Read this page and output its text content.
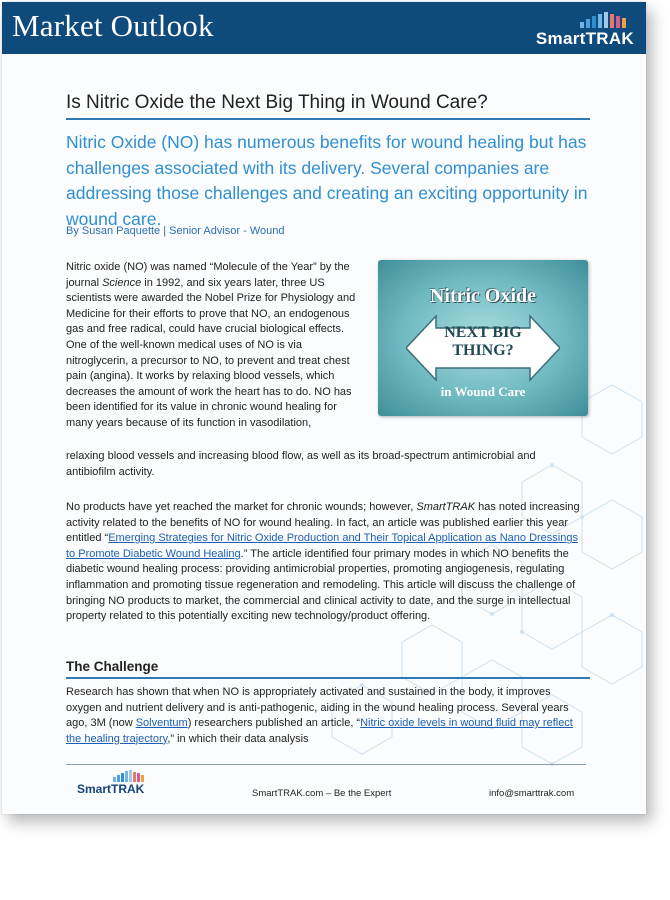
Market Outlook	SmartTRAK
Is Nitric Oxide the Next Big Thing in Wound Care?
Nitric Oxide (NO) has numerous benefits for wound healing but has challenges associated with its delivery. Several companies are addressing those challenges and creating an exciting opportunity in wound care.
By Susan Paquette | Senior Advisor - Wound
Nitric oxide (NO) was named “Molecule of the Year” by the journal Science in 1992, and six years later, three US scientists were awarded the Nobel Prize for Physiology and Medicine for their efforts to prove that NO, an endogenous gas and free radical, could have crucial biological effects. One of the well-known medical uses of NO is via nitroglycerin, a precursor to NO, to prevent and treat chest pain (angina). It works by relaxing blood vessels, which decreases the amount of work the heart has to do. NO has been identified for its value in chronic wound healing for many years because of its function in vasodilation,
relaxing blood vessels and increasing blood flow, as well as its broad-spectrum antimicrobial and antibiofilm activity.
Nitric Oxide
NEXT BIG
THING?
in Wound Care
No products have yet reached the market for chronic wounds; however, SmartTRAK has noted increasing activity related to the benefits of NO for wound healing. In fact, an article was published earlier this year entitled “Emerging Strategies for Nitric Oxide Production and Their Topical Application as Nano Dressings to Promote Diabetic Wound Healing.” The article identified four primary modes in which NO benefits the diabetic wound healing process: providing antimicrobial properties, promoting angiogenesis, regulating inflammation and promoting tissue regeneration and remodeling. This article will discuss the challenge of bringing NO products to market, the commercial and clinical activity to date, and the surge in intellectual property related to this potentially exciting new technology/product offering.
The Challenge
Research has shown that when NO is appropriately activated and sustained in the body, it improves oxygen and nutrient delivery and is anti-pathogenic, aiding in the wound healing process. Several years ago, 3M (now Solventum) researchers published an article, “Nitric oxide levels in wound fluid may reflect the healing trajectory,” in which their data analysis
SmartTRAK	SmartTRAK.com – Be the Expert	info@smarttrak.com
